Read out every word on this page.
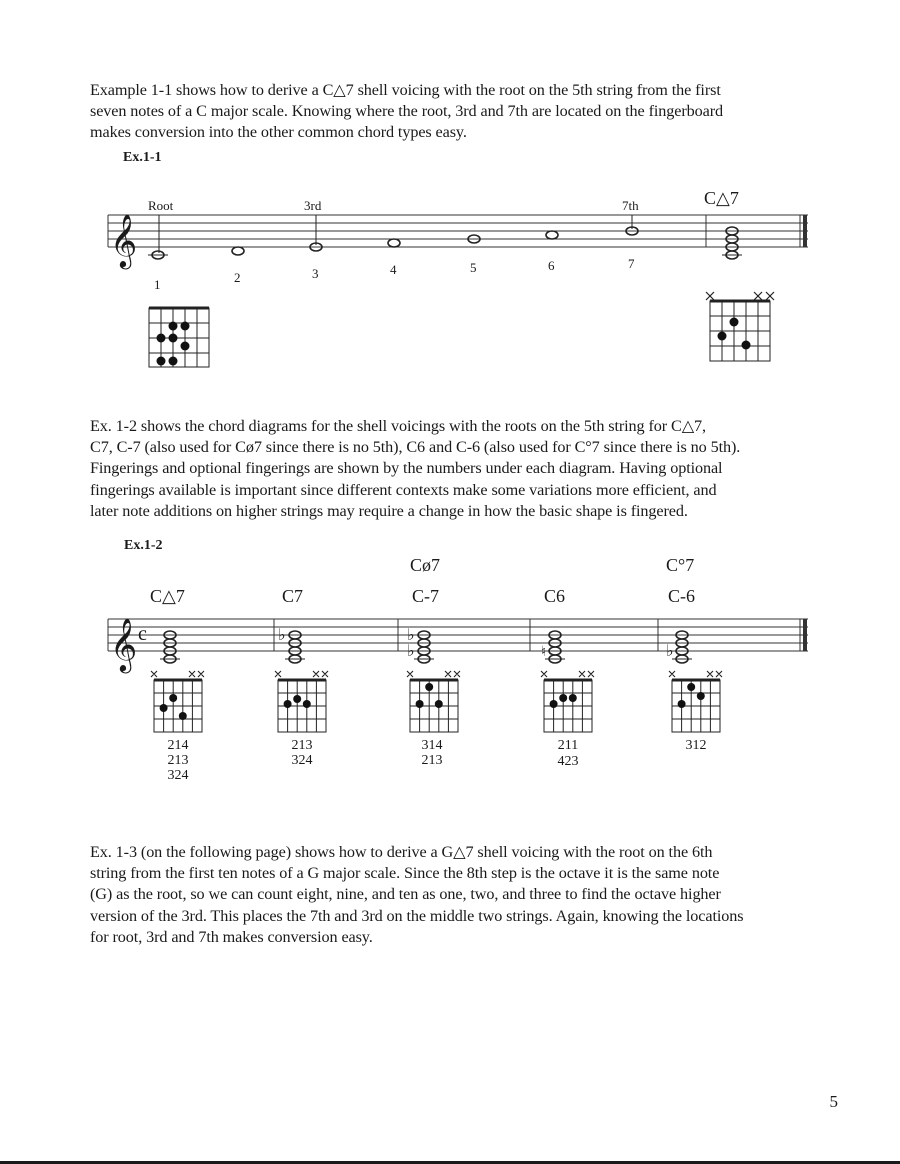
Example 1-1 shows how to derive a C△7 shell voicing with the root on the 5th string from the first

seven notes of a C major scale. Knowing where the root, 3rd and 7th are located on the fingerboard

makes conversion into the other common chord types easy.

Ex.1-1
𝄞
Root	3rd	7th	C△7
1	2	3	4	5	6	7

Ex. 1-2 shows the chord diagrams for the shell voicings with the roots on the 5th string for C△7,

C7, C-7 (also used for Cø7 since there is no 5th), C6 and C-6 (also used for C°7 since there is no 5th).

Fingerings and optional fingerings are shown by the numbers under each diagram. Having optional

fingerings available is important since different contexts make some variations more efficient, and

later note additions on higher strings may require a change in how the basic shape is fingered.

Ex.1-2
𝄞 c
C△7	C7
Cø7
C-7	C6
C°7
C-6
♭	♭
♭	♮	♭
214
213
324
213
324
314
213
211
423
312

Ex. 1-3 (on the following page) shows how to derive a G△7 shell voicing with the root on the 6th

string from the first ten notes of a G major scale. Since the 8th step is the octave it is the same note

(G) as the root, so we can count eight, nine, and ten as one, two, and three to find the octave higher

version of the 3rd. This places the 7th and 3rd on the middle two strings. Again, knowing the locations

for root, 3rd and 7th makes conversion easy.

5
